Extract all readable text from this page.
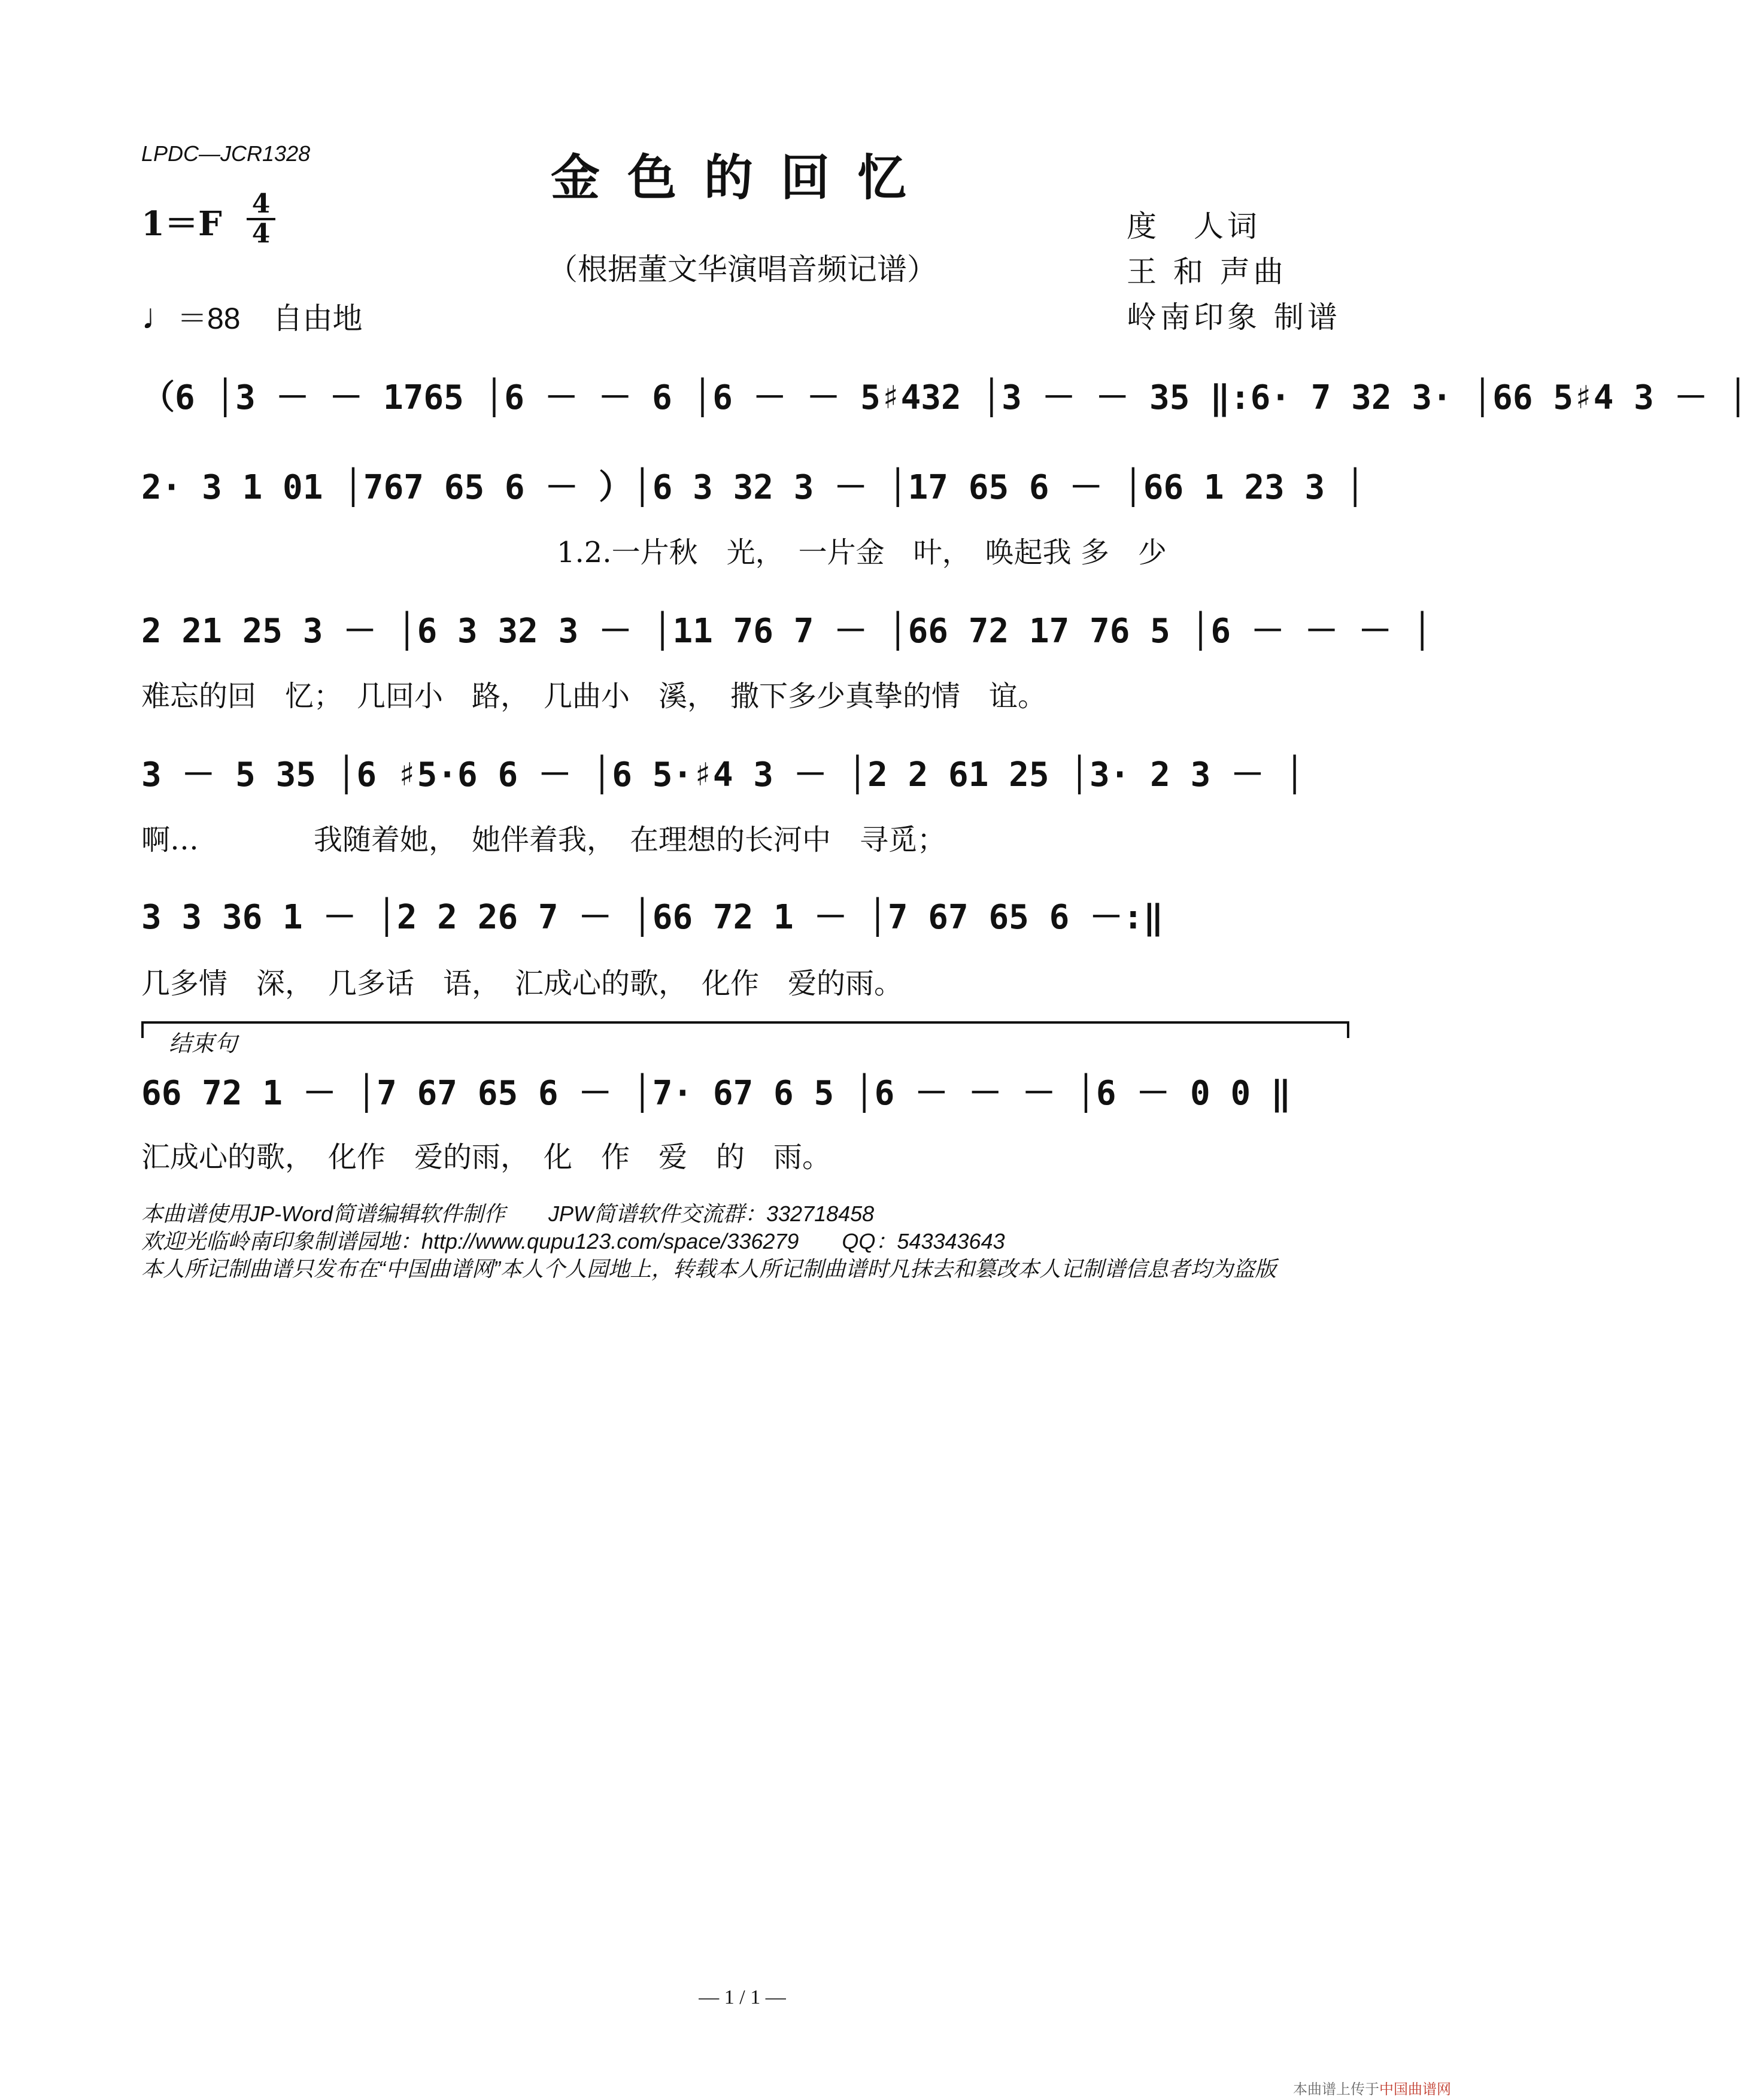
LPDC—JCR1328	金色的回忆
（根据董文华演唱音频记谱）
1＝F
4
4
♩＝88 自由地
度　人词
王 和 声曲
岭南印象 制谱
（6 │3 － － 1765 │6 － － 6 │6 － － 5♯432 │3 － － 35 ‖:6· 7 32 3· │66 5♯4 3 － │
2· 3 1 01 │767 65 6 － ）│6 3 32 3 － │17 65 6 － │66 1 23 3 │
1.2.一片秋　光，　一片金　叶，　唤起我 多　少
2 21 25 3 － │6 3 32 3 － │11 76 7 － │66 72 17 76 5 │6 － － － │
难忘的回　忆；　几回小　路，　几曲小　溪，　撒下多少真挚的情　谊。
3 － 5 35 │6 ♯5·6 6 － │6 5·♯4 3 － │2 2 61 25 │3· 2 3 － │
啊…　　　　我随着她，　她伴着我，　在理想的长河中　寻觅；
3 3 36 1 － │2 2 26 7 － │66 72 1 － │7 67 65 6 －:‖
几多情　深，　几多话　语，　汇成心的歌，　化作　爱的雨。
结束句
66 72 1 － │7 67 65 6 － │7· 67 6 5 │6 － － － │6 － 0 0 ‖
汇成心的歌，　化作　爱的雨，　化　作　爱　的　雨。
本曲谱使用JP-Word简谱编辑软件制作　　JPW简谱软件交流群：332718458
欢迎光临岭南印象制谱园地：http://www.qupu123.com/space/336279　　QQ：543343643
本人所记制曲谱只发布在“中国曲谱网”本人个人园地上，转载本人所记制曲谱时凡抹去和篡改本人记制谱信息者均为盗版
— 1 / 1 —
本曲谱上传于中国曲谱网
